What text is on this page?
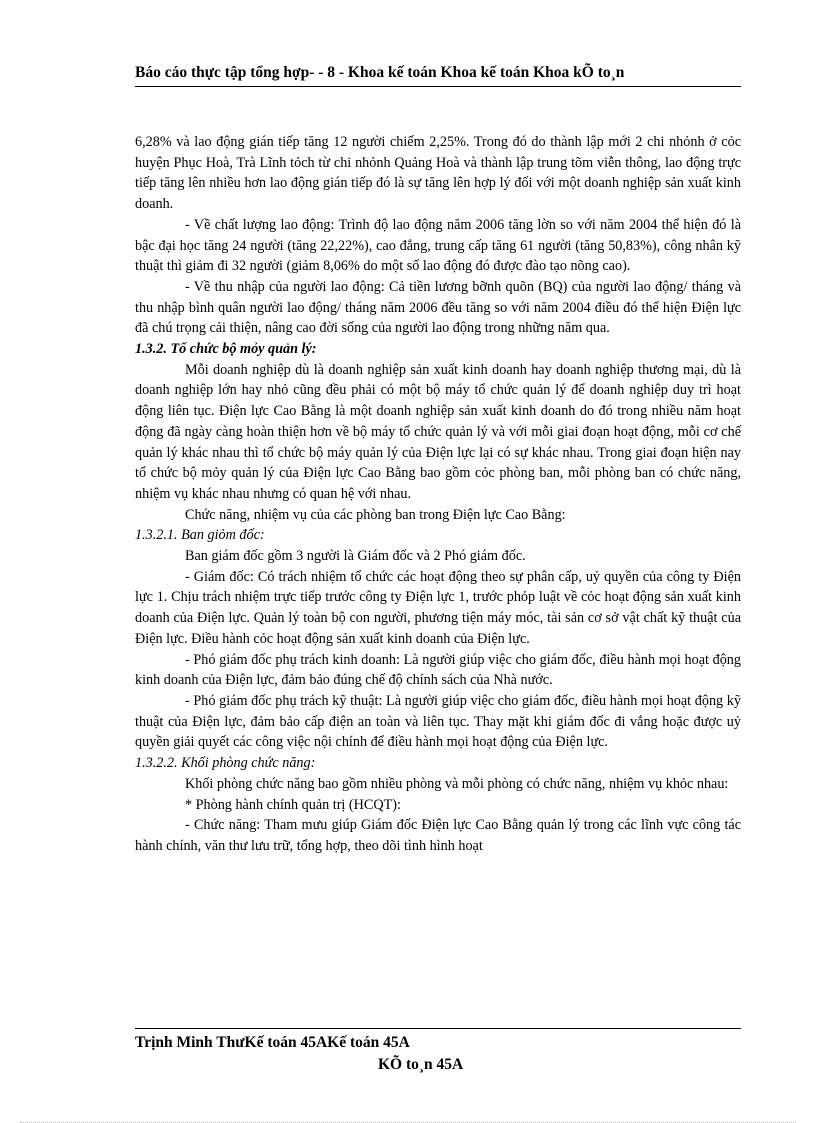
Báo cáo thực tập tổng hợp- - 8 - Khoa kế toán Khoa kế toán Khoa kÕ to¸n

6,28% và lao động gián tiếp tăng 12 người chiếm 2,25%. Trong đó do thành lập mới 2 chi nhỏnh ở cỏc huyện Phục Hoà, Trà Lĩnh tỏch từ chi nhỏnh Quảng Hoà và thành lập trung tõm viễn thông, lao động trực tiếp tăng lên nhiều hơn lao động gián tiếp đó là sự tăng lên hợp lý đối với một doanh nghiệp sản xuất kinh doanh.

- Về chất lượng lao động: Trình độ lao động năm 2006 tăng lờn so với năm 2004 thể hiện đó là bậc đại học tăng 24 người (tăng 22,22%), cao đẳng, trung cấp tăng 61 người (tăng 50,83%), công nhân kỹ thuật thì giảm đi 32 người (giảm 8,06% do một số lao động đó được đào tạo nõng cao).

- Về thu nhập của người lao động: Cả tiền lương bỡnh quõn (BQ) của người lao động/ tháng và thu nhập bình quân người lao động/ tháng năm 2006 đều tăng so với năm 2004 điều đó thể hiện Điện lực đã chú trọng cải thiện, nâng cao đời sống của người lao động trong những năm qua.

1.3.2. Tổ chức bộ mỏy quản lý:

Mỗi doanh nghiệp dù là doanh nghiệp sản xuất kinh doanh hay doanh nghiệp thương mại, dù là doanh nghiệp lớn hay nhỏ cũng đều phải có một bộ máy tổ chức quản lý để doanh nghiệp duy trì hoạt động liên tục. Điện lực Cao Bằng là một doanh nghiệp sản xuất kinh doanh do đó trong nhiều năm hoạt động đã ngày càng hoàn thiện hơn về bộ máy tổ chức quản lý và với mỗi giai đoạn hoạt động, mỗi cơ chế quản lý khác nhau thì tổ chức bộ máy quản lý của Điện lực lại có sự khác nhau. Trong giai đoạn hiện nay tổ chức bộ mỏy quản lý của Điện lực Cao Bằng bao gồm cỏc phòng ban, mỗi phòng ban có chức năng, nhiệm vụ khác nhau nhưng có quan hệ với nhau.

Chức năng, nhiệm vụ của các phòng ban trong Điện lực Cao Bằng:

1.3.2.1. Ban giỏm đốc:

Ban giám đốc gồm 3 người là Giám đốc và 2 Phó giám đốc.

- Giám đốc: Có trách nhiệm tổ chức các hoạt động theo sự phân cấp, uỷ quyền của công ty Điện lực 1. Chịu trách nhiệm trực tiếp trước công ty Điện lực 1, trước phỏp luật về cỏc hoạt động sản xuất kinh doanh của Điện lực. Quản lý toàn bộ con người, phương tiện máy móc, tài sản cơ sở vật chất kỹ thuật của Điện lực. Điều hành cỏc hoạt động sản xuất kinh doanh của Điện lực.

- Phó giám đốc phụ trách kinh doanh: Là người giúp việc cho giám đốc, điều hành mọi hoạt động kinh doanh của Điện lực, đảm bảo đúng chế độ chính sách của Nhà nước.

- Phó giám đốc phụ trách kỹ thuật: Là người giúp việc cho giám đốc, điều hành mọi hoạt động kỹ thuật của Điện lực, đảm bảo cấp điện an toàn và liên tục. Thay mặt khi giám đốc đi vắng hoặc được uỷ quyền giải quyết các công việc nội chính để điều hành mọi hoạt động của Điện lực.

1.3.2.2. Khối phòng chức năng:

Khối phòng chức năng bao gồm nhiều phòng và mỗi phòng có chức năng, nhiệm vụ khỏc nhau:

* Phòng hành chính quản trị (HCQT):

- Chức năng: Tham mưu giúp Giám đốc Điện lực Cao Bằng quản lý trong các lĩnh vực công tác hành chính, văn thư lưu trữ, tổng hợp, theo dõi tình hình hoạt

Trịnh Minh ThưKế toán 45AKế toán 45A
KÕ to¸n 45A
